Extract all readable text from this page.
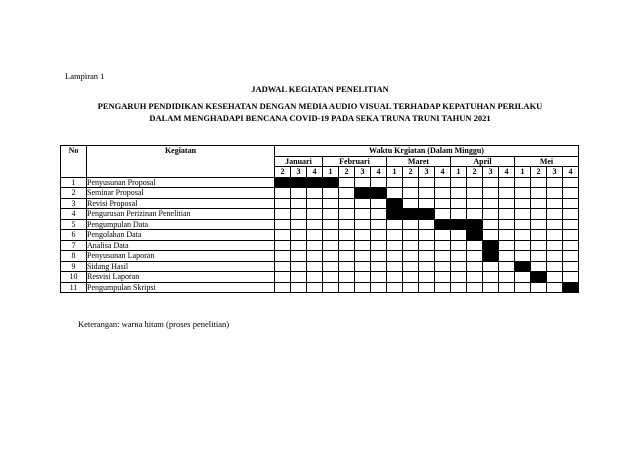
Lampiran 1
JADWAL KEGIATAN PENELITIAN
PENGARUH PENDIDIKAN KESEHATAN DENGAN MEDIA AUDIO VISUAL TERHADAP KEPATUHAN PERILAKU
DALAM MENGHADAPI BENCANA COVID-19 PADA SEKA TRUNA TRUNI TAHUN 2021
No	Kegiatan	Waktu Krgiatan (Dalam Minggu)																		
		Januari			Februari				Maret				April				Mei			
		2	3	4	1	2	3	4	1	2	3	4	1	2	3	4	1	2	3	4
1	Penyusunan Proposal																			
2	Seminar Proposal																			
3	Revisi Proposal																			
4	Pengurusan Perizinan Penelitian																			
5	Pengumpulan Data																			
6	Pengolahan Data																			
7	Analisa Data																			
8	Penyusunan Laporan																			
9	Sidang Hasil																			
10	Resvisi Laporan																			
11	Pengumpulan Skripsi																			
Keterangan: warna hitam (proses penelitian)
